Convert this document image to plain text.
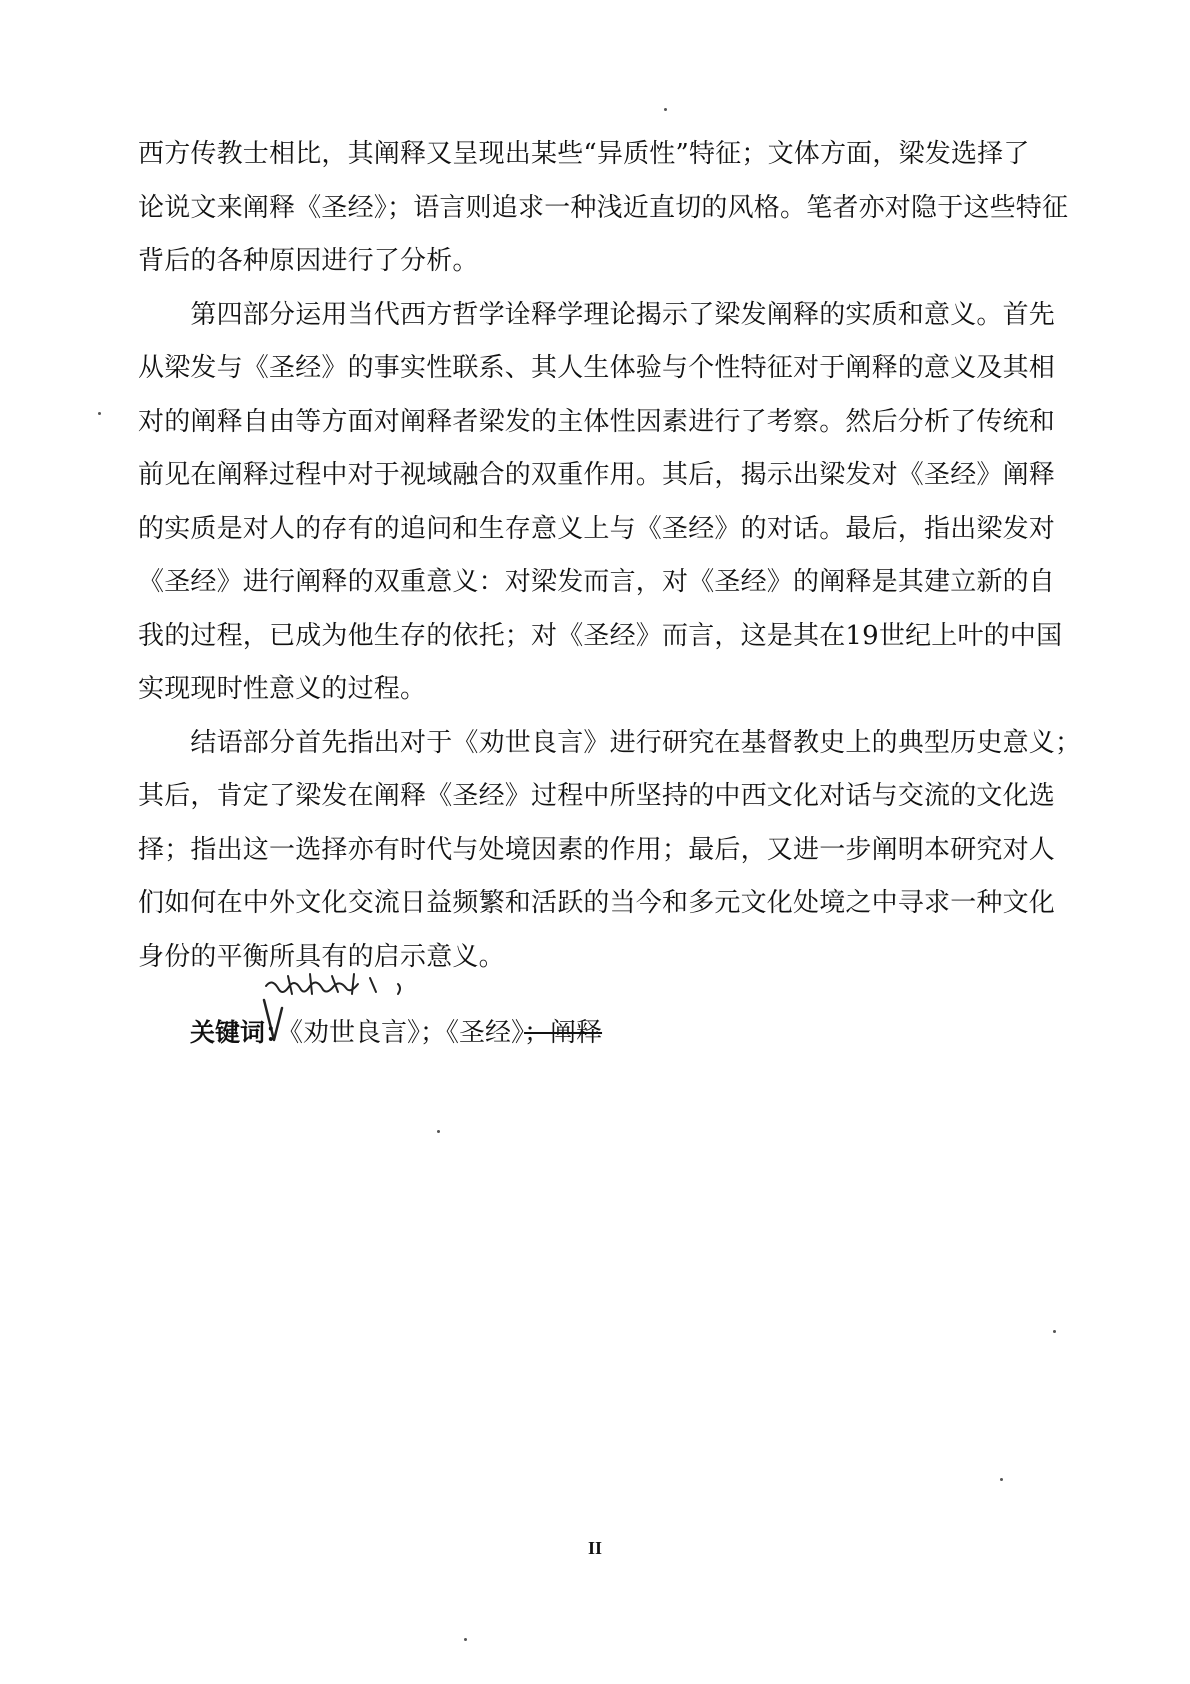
西方传教士相比，其阐释又呈现出某些“异质性”特征；文体方面，梁发选择了
论说文来阐释《圣经》；语言则追求一种浅近直切的风格。笔者亦对隐于这些特征
背后的各种原因进行了分析。
　　第四部分运用当代西方哲学诠释学理论揭示了梁发阐释的实质和意义。首先
从梁发与《圣经》的事实性联系、其人生体验与个性特征对于阐释的意义及其相
对的阐释自由等方面对阐释者梁发的主体性因素进行了考察。然后分析了传统和
前见在阐释过程中对于视域融合的双重作用。其后，揭示出梁发对《圣经》阐释
的实质是对人的存有的追问和生存意义上与《圣经》的对话。最后，指出梁发对
《圣经》进行阐释的双重意义：对梁发而言，对《圣经》的阐释是其建立新的自
我的过程，已成为他生存的依托；对《圣经》而言，这是其在19世纪上叶的中国
实现现时性意义的过程。
　　结语部分首先指出对于《劝世良言》进行研究在基督教史上的典型历史意义；
其后，肯定了梁发在阐释《圣经》过程中所坚持的中西文化对话与交流的文化选
择；指出这一选择亦有时代与处境因素的作用；最后，又进一步阐明本研究对人
们如何在中外文化交流日益频繁和活跃的当今和多元文化处境之中寻求一种文化
身份的平衡所具有的启示意义。
关键词：《劝世良言》；《圣经》；阐释
II
